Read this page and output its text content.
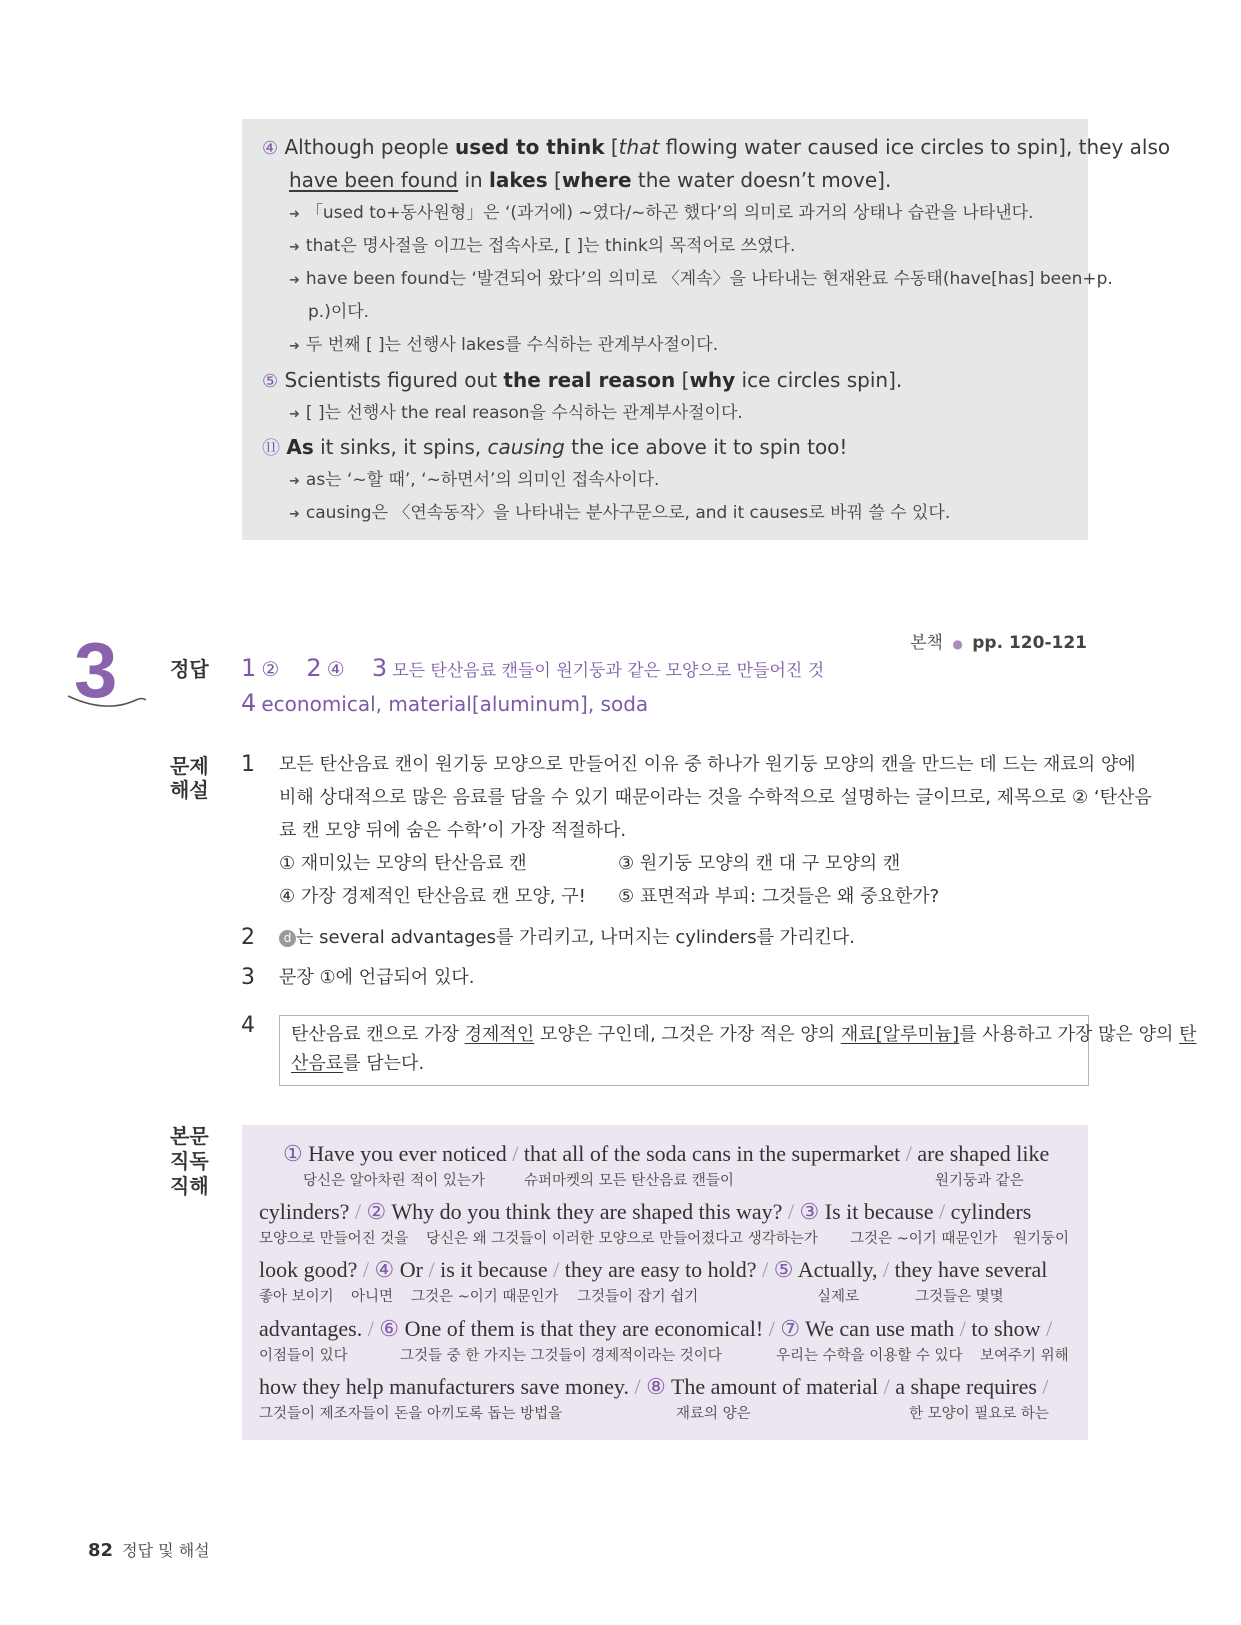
④ Although people used to think [that flowing water caused ice circles to spin], they also
have been found in lakes [where the water doesn’t move].
➜ 「used to+동사원형」은 ‘(과거에) ~였다/~하곤 했다’의 의미로 과거의 상태나 습관을 나타낸다.
➜ that은 명사절을 이끄는 접속사로, [ ]는 think의 목적어로 쓰였다.
➜ have been found는 ‘발견되어 왔다’의 의미로 〈계속〉을 나타내는 현재완료 수동태(have[has] been+p.
p.)이다.
➜ 두 번째 [ ]는 선행사 lakes를 수식하는 관계부사절이다.
⑤ Scientists figured out the real reason [why ice circles spin].
➜ [ ]는 선행사 the real reason을 수식하는 관계부사절이다.
⑪ As it sinks, it spins, causing the ice above it to spin too!
➜ as는 ‘~할 때’, ‘~하면서’의 의미인 접속사이다.
➜ causing은 〈연속동작〉을 나타내는 분사구문으로, and it causes로 바꿔 쓸 수 있다.
본책 ● pp. 120-121
3	정답 1 ② 2 ④ 3 모든 탄산음료 캔들이 원기둥과 같은 모양으로 만들어진 것
4 economical, material[aluminum], soda
문제
해설
1 모든 탄산음료 캔이 원기둥 모양으로 만들어진 이유 중 하나가 원기둥 모양의 캔을 만드는 데 드는 재료의 양에
비해 상대적으로 많은 음료를 담을 수 있기 때문이라는 것을 수학적으로 설명하는 글이므로, 제목으로 ② ‘탄산음
료 캔 모양 뒤에 숨은 수학’이 가장 적절하다.
① 재미있는 모양의 탄산음료 캔	③ 원기둥 모양의 캔 대 구 모양의 캔
④ 가장 경제적인 탄산음료 캔 모양, 구! ⑤ 표면적과 부피: 그것들은 왜 중요한가?
2	d 는 several advantages를 가리키고, 나머지는 cylinders를 가리킨다.
3 문장 ①에 언급되어 있다.
4 탄산음료 캔으로 가장 경제적인 모양은 구인데, 그것은 가장 적은 양의 재료[알루미늄]를 사용하고 가장 많은 양의 탄
산음료를 담는다.
본문
직독
직해
① Have you ever noticed / that all of the soda cans in the supermarket / are shaped like
당신은 알아차린 적이 있는가	슈퍼마켓의 모든 탄산음료 캔들이	원기둥과 같은
cylinders? / ② Why do you think they are shaped this way? / ③ Is it because / cylinders
모양으로 만들어진 것을 당신은 왜 그것들이 이러한 모양으로 만들어졌다고 생각하는가 그것은 ~이기 때문인가 원기둥이
look good? / ④ Or / is it because / they are easy to hold? / ⑤ Actually, / they have several
좋아 보이기 아니면 그것은 ~이기 때문인가 그것들이 잡기 쉽기	실제로	그것들은 몇몇
advantages. / ⑥ One of them is that they are economical! / ⑦ We can use math / to show /
이점들이 있다	그것들 중 한 가지는 그것들이 경제적이라는 것이다	우리는 수학을 이용할 수 있다 보여주기 위해
how they help manufacturers save money. / ⑧ The amount of material / a shape requires /
그것들이 제조자들이 돈을 아끼도록 돕는 방법을	재료의 양은	한 모양이 필요로 하는
82 정답 및 해설
